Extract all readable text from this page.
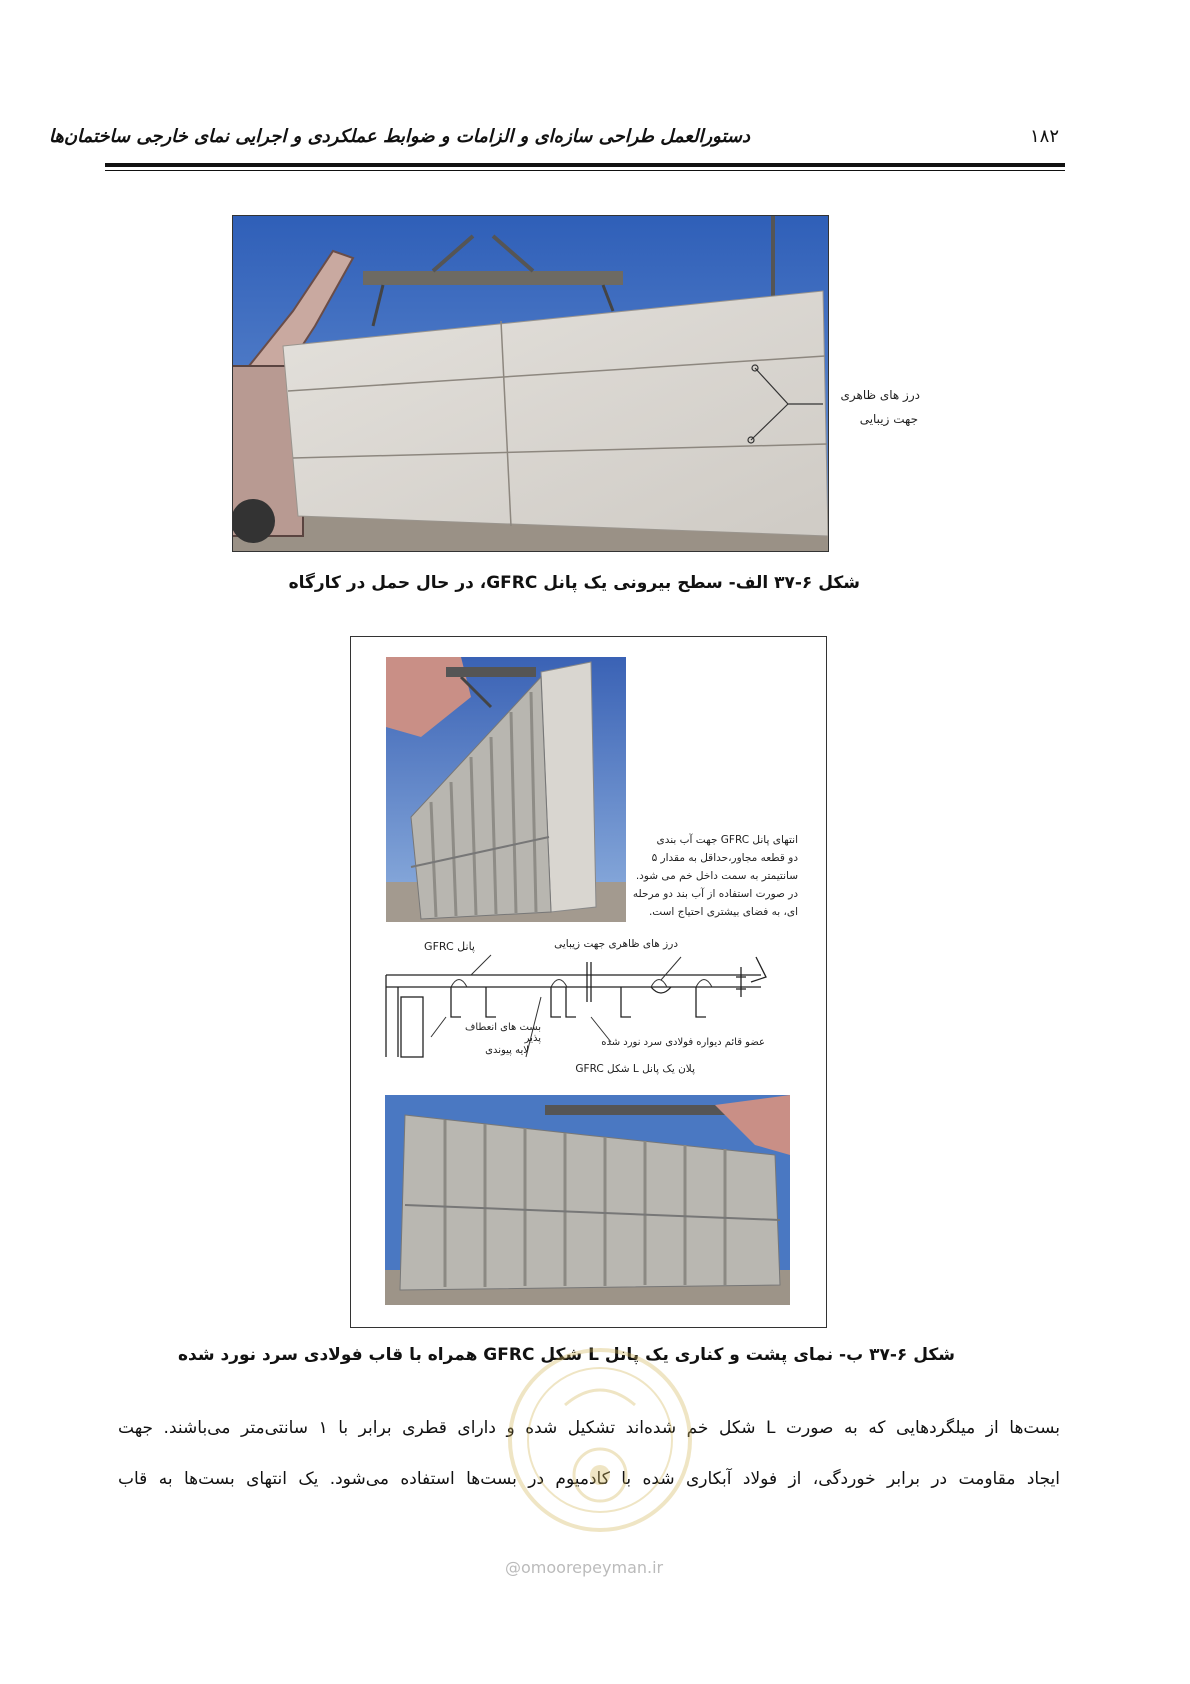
دستورالعمل طراحی سازه‌ای و الزامات و ضوابط عملکردی و اجرایی نمای خارجی ساختمان‌ها	۱۸۲
درز های ظاهری
جهت زیبایی
شکل ۶-۳۷ الف- سطح بیرونی یک پانل GFRC، در حال حمل در کارگاه
انتهای پانل GFRC جهت آب بندی
دو قطعه مجاور،حداقل به مقدار ۵
سانتیمتر به سمت داخل خم می شود.
در صورت استفاده از آب بند دو مرحله
ای، به فضای بیشتری احتیاج است.
پانل GFRC	درز های ظاهری جهت زیبایی
بست های انعطاف پذیر
لایه پیوندی
عضو قائم دیواره فولادی سرد نورد شده
پلان یک پانل L شکل GFRC
شکل ۶-۳۷ ب- نمای پشت و کناری یک پانل L شکل GFRC همراه با قاب فولادی سرد نورد شده
بست‌ها از میلگردهایی که به صورت L شکل خم شده‌اند تشکیل شده و دارای قطری برابر با ۱ سانتی‌متر می‌باشند. جهت
ایجاد مقاومت در برابر خوردگی، از فولاد آبکاری شده با کادمیوم در بست‌ها استفاده می‌شود. یک انتهای بست‌ها به قاب
@omoorepeyman.ir
